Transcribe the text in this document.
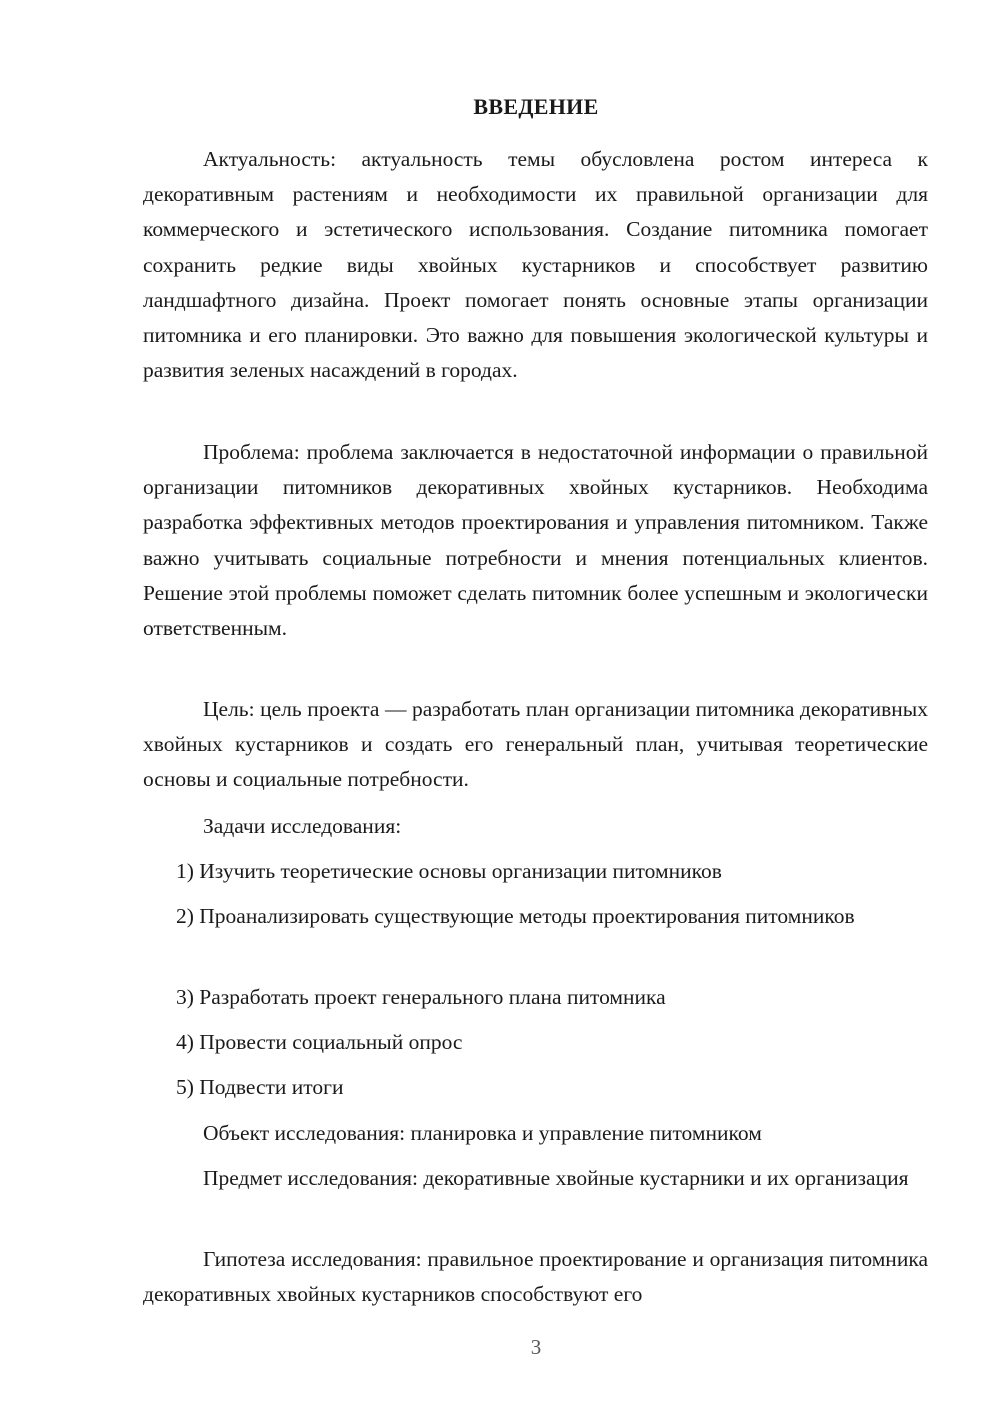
ВВЕДЕНИЕ

Актуальность: актуальность темы обусловлена ростом интереса к декоративным растениям и необходимости их правильной организации для коммерческого и эстетического использования. Создание питомника помогает сохранить редкие виды хвойных кустарников и способствует развитию ландшафтного дизайна. Проект помогает понять основные этапы организации питомника и его планировки. Это важно для повышения экологической культуры и развития зеленых насаждений в городах.

Проблема: проблема заключается в недостаточной информации о правильной организации питомников декоративных хвойных кустарников. Необходима разработка эффективных методов проектирования и управления питомником. Также важно учитывать социальные потребности и мнения потенциальных клиентов. Решение этой проблемы поможет сделать питомник более успешным и экологически ответственным.

Цель: цель проекта — разработать план организации питомника декоративных хвойных кустарников и создать его генеральный план, учитывая теоретические основы и социальные потребности.

Задачи исследования:

1) Изучить теоретические основы организации питомников

2) Проанализировать существующие методы проектирования питомников

3) Разработать проект генерального плана питомника

4) Провести социальный опрос

5) Подвести итоги

Объект исследования: планировка и управление питомником

Предмет исследования: декоративные хвойные кустарники и их организация

Гипотеза исследования: правильное проектирование и организация питомника декоративных хвойных кустарников способствуют его

3
